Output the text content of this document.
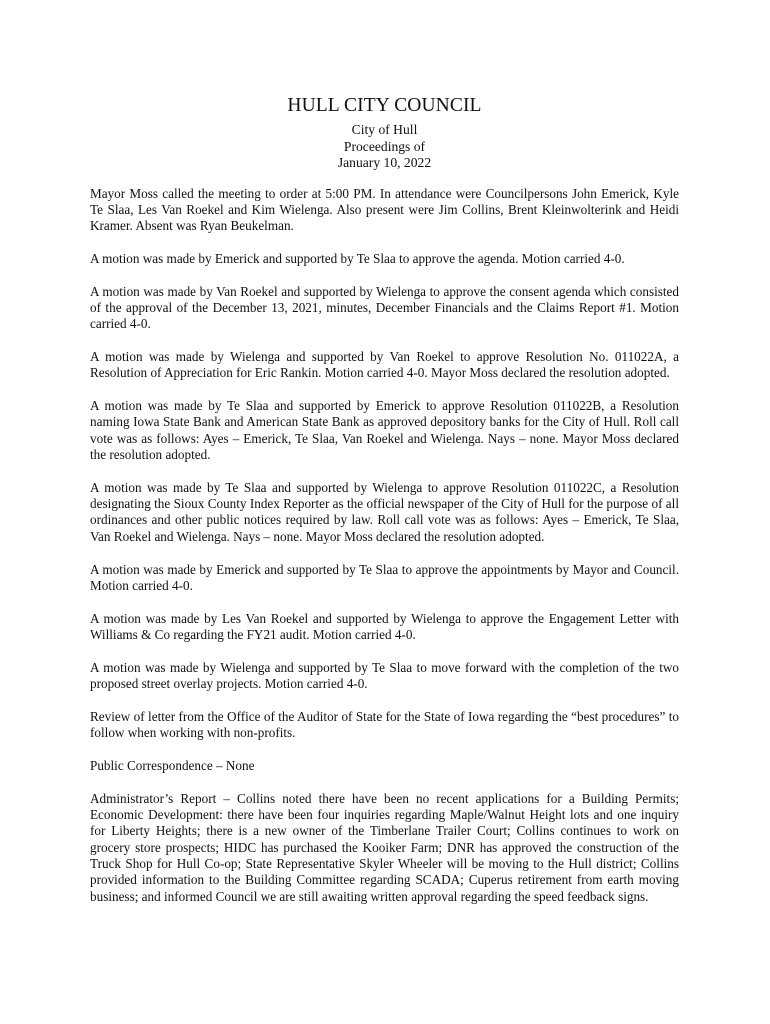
HULL CITY COUNCIL
City of Hull
Proceedings of
January 10, 2022

Mayor Moss called the meeting to order at 5:00 PM. In attendance were Councilpersons John Emerick, Kyle Te Slaa, Les Van Roekel and Kim Wielenga. Also present were Jim Collins, Brent Kleinwolterink and Heidi Kramer. Absent was Ryan Beukelman.

A motion was made by Emerick and supported by Te Slaa to approve the agenda. Motion carried 4-0.

A motion was made by Van Roekel and supported by Wielenga to approve the consent agenda which consisted of the approval of the December 13, 2021, minutes, December Financials and the Claims Report #1. Motion carried 4-0.

A motion was made by Wielenga and supported by Van Roekel to approve Resolution No. 011022A, a Resolution of Appreciation for Eric Rankin. Motion carried 4-0. Mayor Moss declared the resolution adopted.

A motion was made by Te Slaa and supported by Emerick to approve Resolution 011022B, a Resolution naming Iowa State Bank and American State Bank as approved depository banks for the City of Hull. Roll call vote was as follows: Ayes – Emerick, Te Slaa, Van Roekel and Wielenga. Nays – none. Mayor Moss declared the resolution adopted.

A motion was made by Te Slaa and supported by Wielenga to approve Resolution 011022C, a Resolution designating the Sioux County Index Reporter as the official newspaper of the City of Hull for the purpose of all ordinances and other public notices required by law. Roll call vote was as follows: Ayes – Emerick, Te Slaa, Van Roekel and Wielenga. Nays – none. Mayor Moss declared the resolution adopted.

A motion was made by Emerick and supported by Te Slaa to approve the appointments by Mayor and Council. Motion carried 4-0.

A motion was made by Les Van Roekel and supported by Wielenga to approve the Engagement Letter with Williams & Co regarding the FY21 audit. Motion carried 4-0.

A motion was made by Wielenga and supported by Te Slaa to move forward with the completion of the two proposed street overlay projects. Motion carried 4-0.

Review of letter from the Office of the Auditor of State for the State of Iowa regarding the “best procedures” to follow when working with non-profits.

Public Correspondence – None

Administrator’s Report – Collins noted there have been no recent applications for a Building Permits; Economic Development: there have been four inquiries regarding Maple/Walnut Height lots and one inquiry for Liberty Heights; there is a new owner of the Timberlane Trailer Court; Collins continues to work on grocery store prospects; HIDC has purchased the Kooiker Farm; DNR has approved the construction of the Truck Shop for Hull Co-op; State Representative Skyler Wheeler will be moving to the Hull district; Collins provided information to the Building Committee regarding SCADA; Cuperus retirement from earth moving business; and informed Council we are still awaiting written approval regarding the speed feedback signs.
